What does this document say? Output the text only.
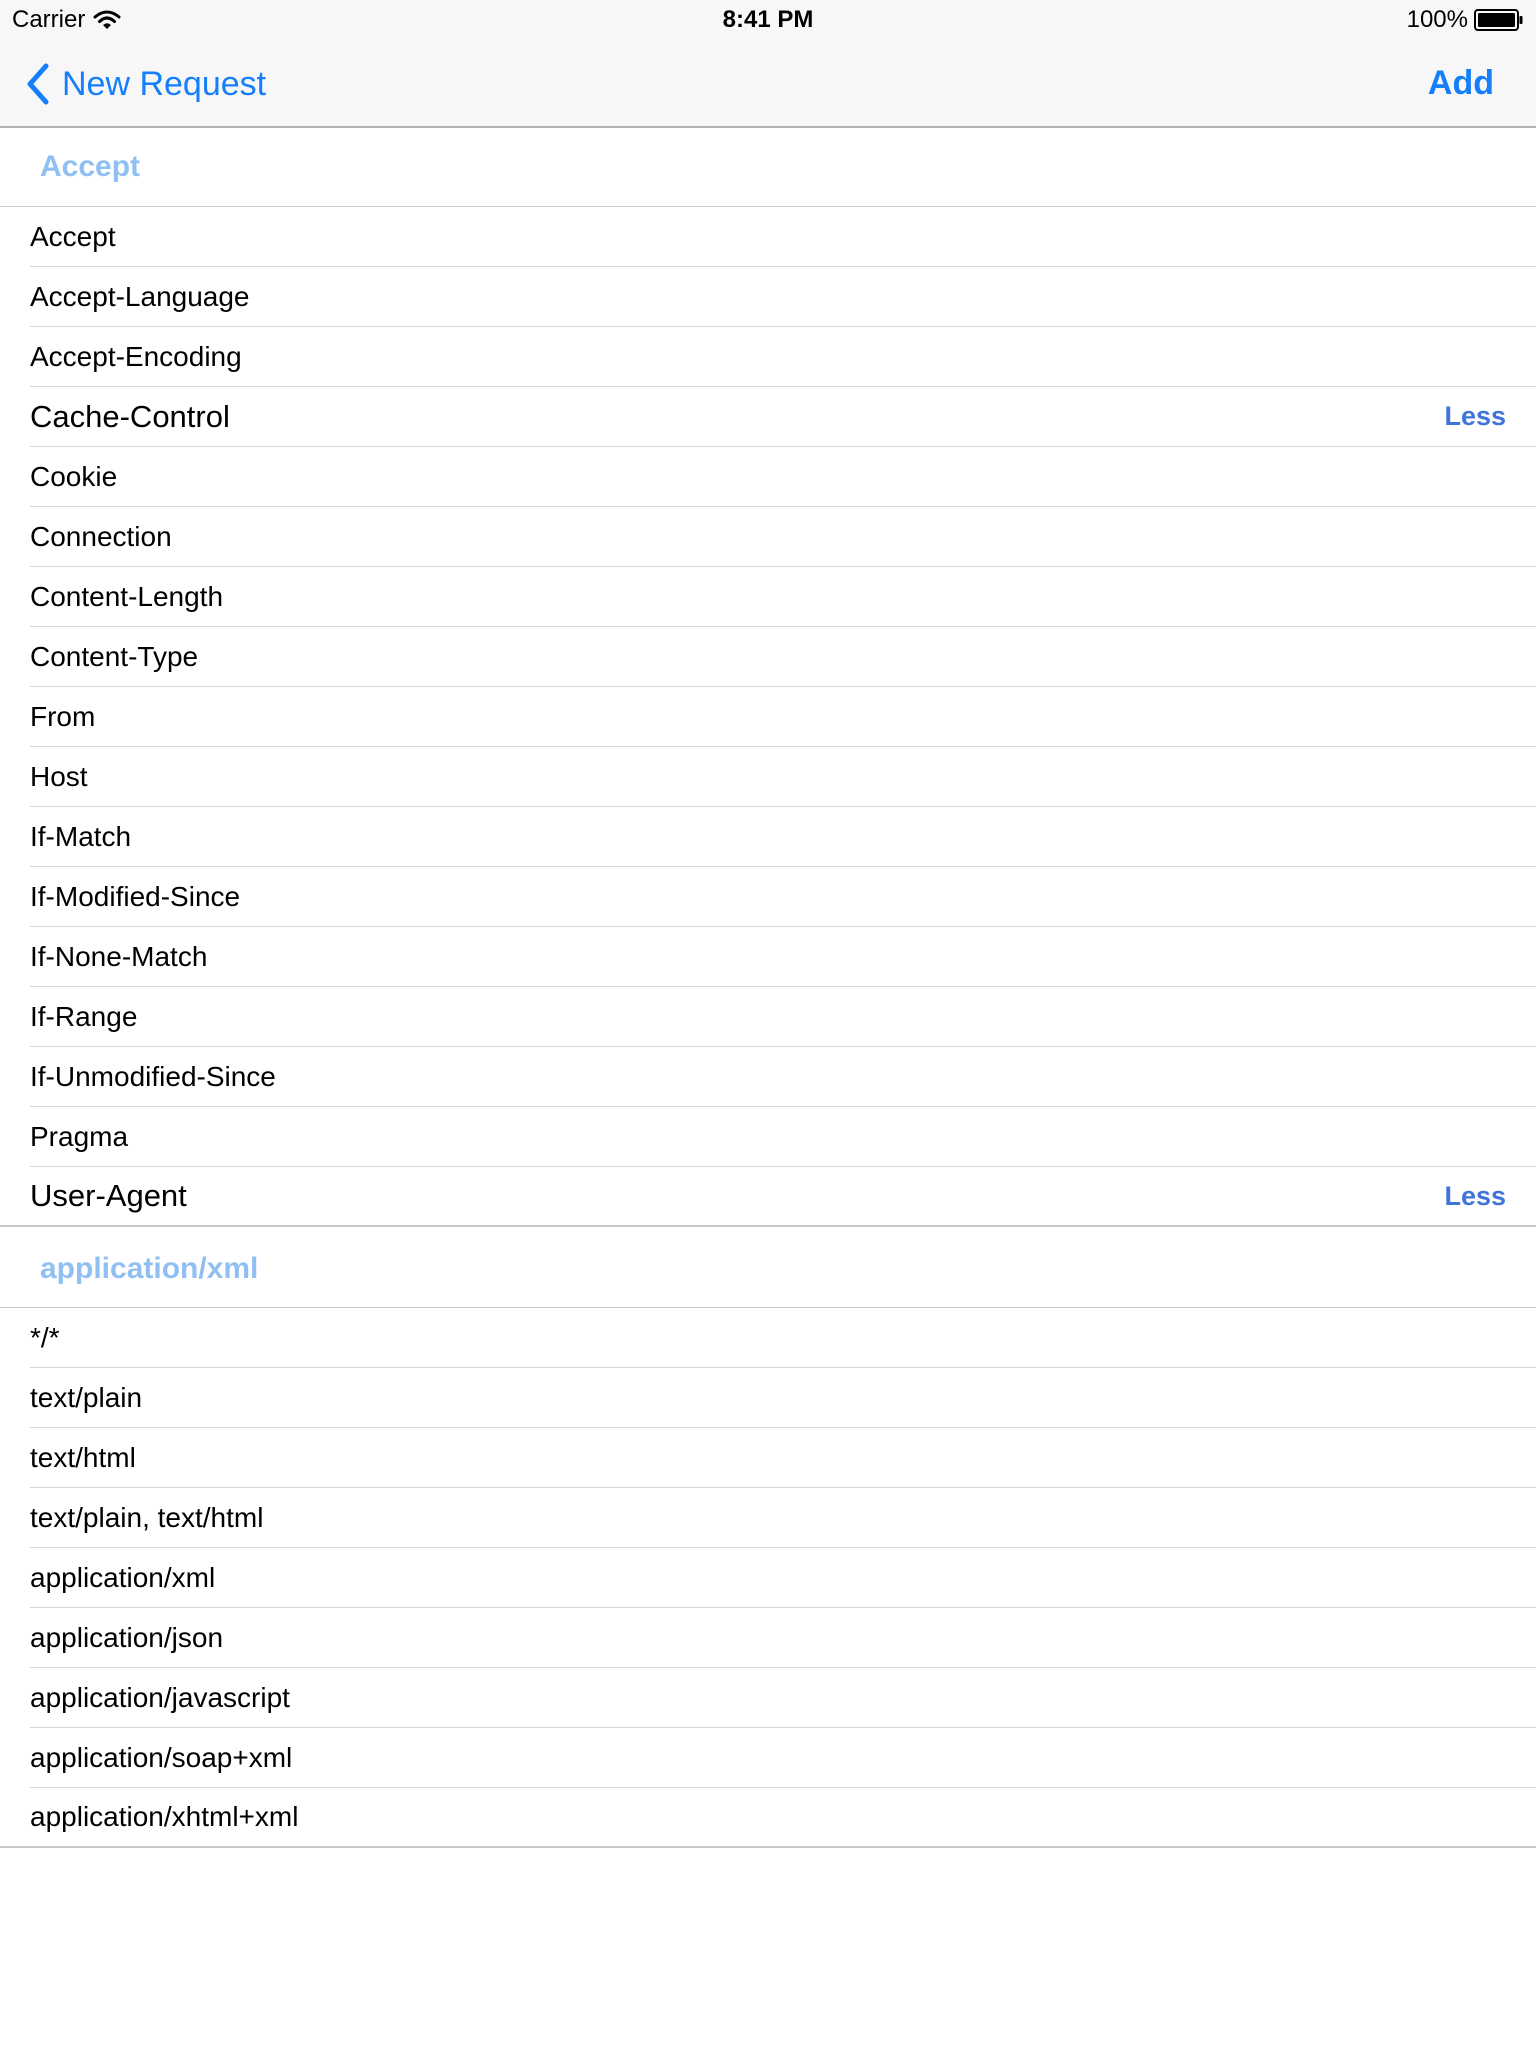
Carrier	8:41 PM	100%
New Request	Add
Accept
Accept
Accept-Language
Accept-Encoding
Cache-Control	Less
Cookie
Connection
Content-Length
Content-Type
From
Host
If-Match
If-Modified-Since
If-None-Match
If-Range
If-Unmodified-Since
Pragma
User-Agent	Less
application/xml
*/*
text/plain
text/html
text/plain, text/html
application/xml
application/json
application/javascript
application/soap+xml
application/xhtml+xml
